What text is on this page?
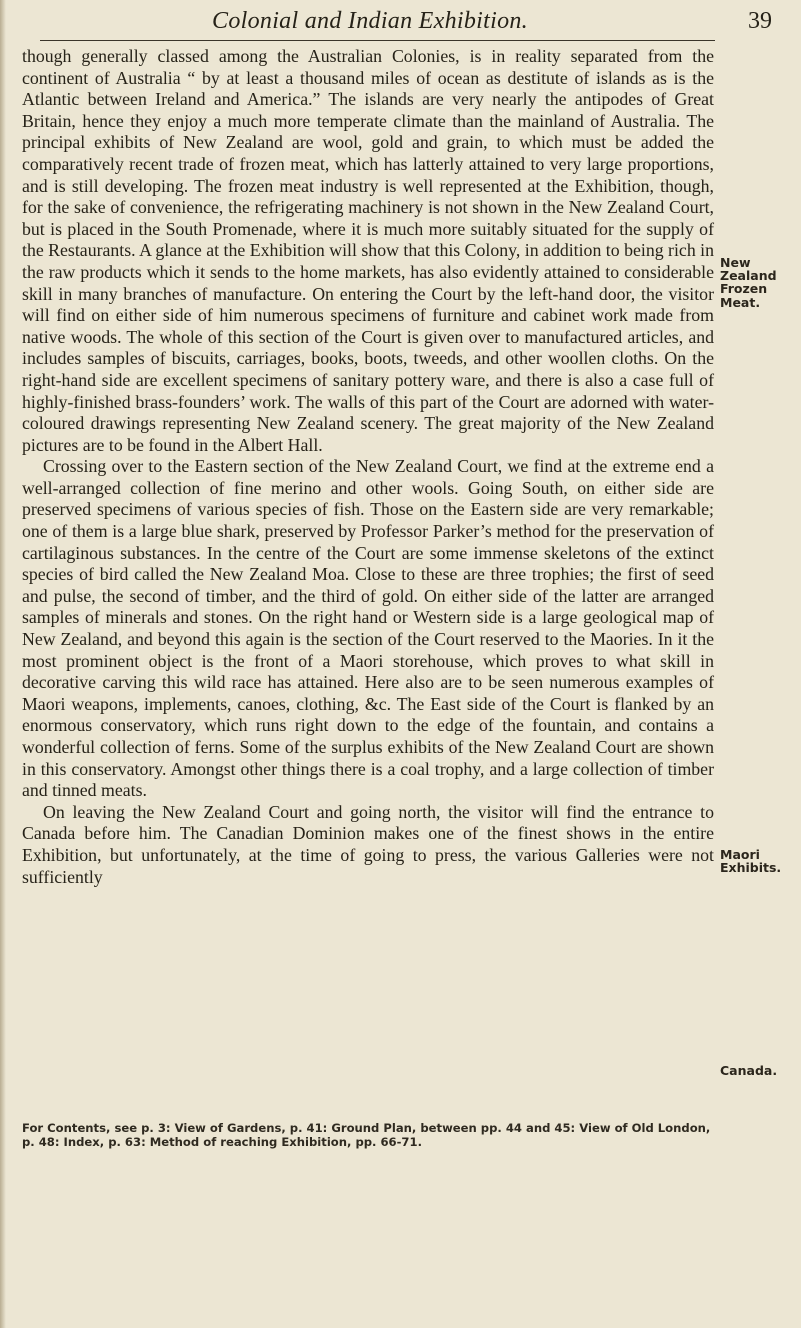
Colonial and Indian Exhibition.	39

though generally classed among the Australian Colonies, is in reality separated from the continent of Australia “ by at least a thousand miles of ocean as destitute of islands as is the Atlantic between Ireland and America.” The islands are very nearly the antipodes of Great Britain, hence they enjoy a much more temperate climate than the mainland of Australia. The principal exhibits of New Zealand are wool, gold and grain, to which must be added the comparatively recent trade of frozen meat, which has latterly attained to very large proportions, and is still developing. The frozen meat industry is well represented at the Exhibition, though, for the sake of convenience, the refrigerating machinery is not shown in the New Zealand Court, but is placed in the South Promenade, where it is much more suitably situated for the supply of the Restaurants. A glance at the Exhibition will show that this Colony, in addition to being rich in the raw products which it sends to the home markets, has also evidently attained to considerable skill in many branches of manufacture. On entering the Court by the left-hand door, the visitor will find on either side of him numerous specimens of furniture and cabinet work made from native woods. The whole of this section of the Court is given over to manufactured articles, and includes samples of biscuits, carriages, books, boots, tweeds, and other woollen cloths. On the right-hand side are excellent specimens of sanitary pottery ware, and there is also a case full of highly-finished brass-founders’ work. The walls of this part of the Court are adorned with water-coloured drawings representing New Zealand scenery. The great majority of the New Zealand pictures are to be found in the Albert Hall.

Crossing over to the Eastern section of the New Zealand Court, we find at the extreme end a well-arranged collection of fine merino and other wools. Going South, on either side are preserved specimens of various species of fish. Those on the Eastern side are very remarkable; one of them is a large blue shark, preserved by Professor Parker’s method for the preservation of cartilaginous substances. In the centre of the Court are some immense skeletons of the extinct species of bird called the New Zealand Moa. Close to these are three trophies; the first of seed and pulse, the second of timber, and the third of gold. On either side of the latter are arranged samples of minerals and stones. On the right hand or Western side is a large geological map of New Zealand, and beyond this again is the section of the Court reserved to the Maories. In it the most prominent object is the front of a Maori storehouse, which proves to what skill in decorative carving this wild race has attained. Here also are to be seen numerous examples of Maori weapons, implements, canoes, clothing, &c. The East side of the Court is flanked by an enormous conservatory, which runs right down to the edge of the fountain, and contains a wonderful collection of ferns. Some of the surplus exhibits of the New Zealand Court are shown in this conservatory. Amongst other things there is a coal trophy, and a large collection of timber and tinned meats.

On leaving the New Zealand Court and going north, the visitor will find the entrance to Canada before him. The Canadian Dominion makes one of the finest shows in the entire Exhibition, but unfortunately, at the time of going to press, the various Galleries were not sufficiently

New Zealand Frozen Meat.
Maori Exhibits.
Canada.
For Contents, see p. 3: View of Gardens, p. 41: Ground Plan, between pp. 44 and 45: View of Old London, p. 48: Index, p. 63: Method of reaching Exhibition, pp. 66-71.
